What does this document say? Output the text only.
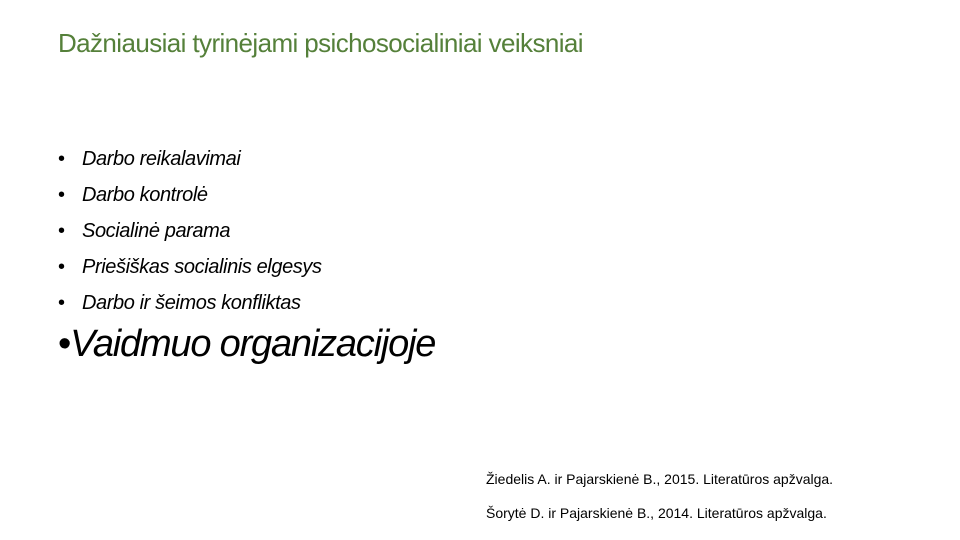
Dažniausiai tyrinėjami psichosocialiniai veiksniai
• Darbo reikalavimai
• Darbo kontrolė
• Socialinė parama
• Priešiškas socialinis elgesys
• Darbo ir šeimos konfliktas
•Vaidmuo organizacijoje
Žiedelis A. ir Pajarskienė B., 2015. Literatūros apžvalga.
Šorytė D. ir Pajarskienė B., 2014. Literatūros apžvalga.
